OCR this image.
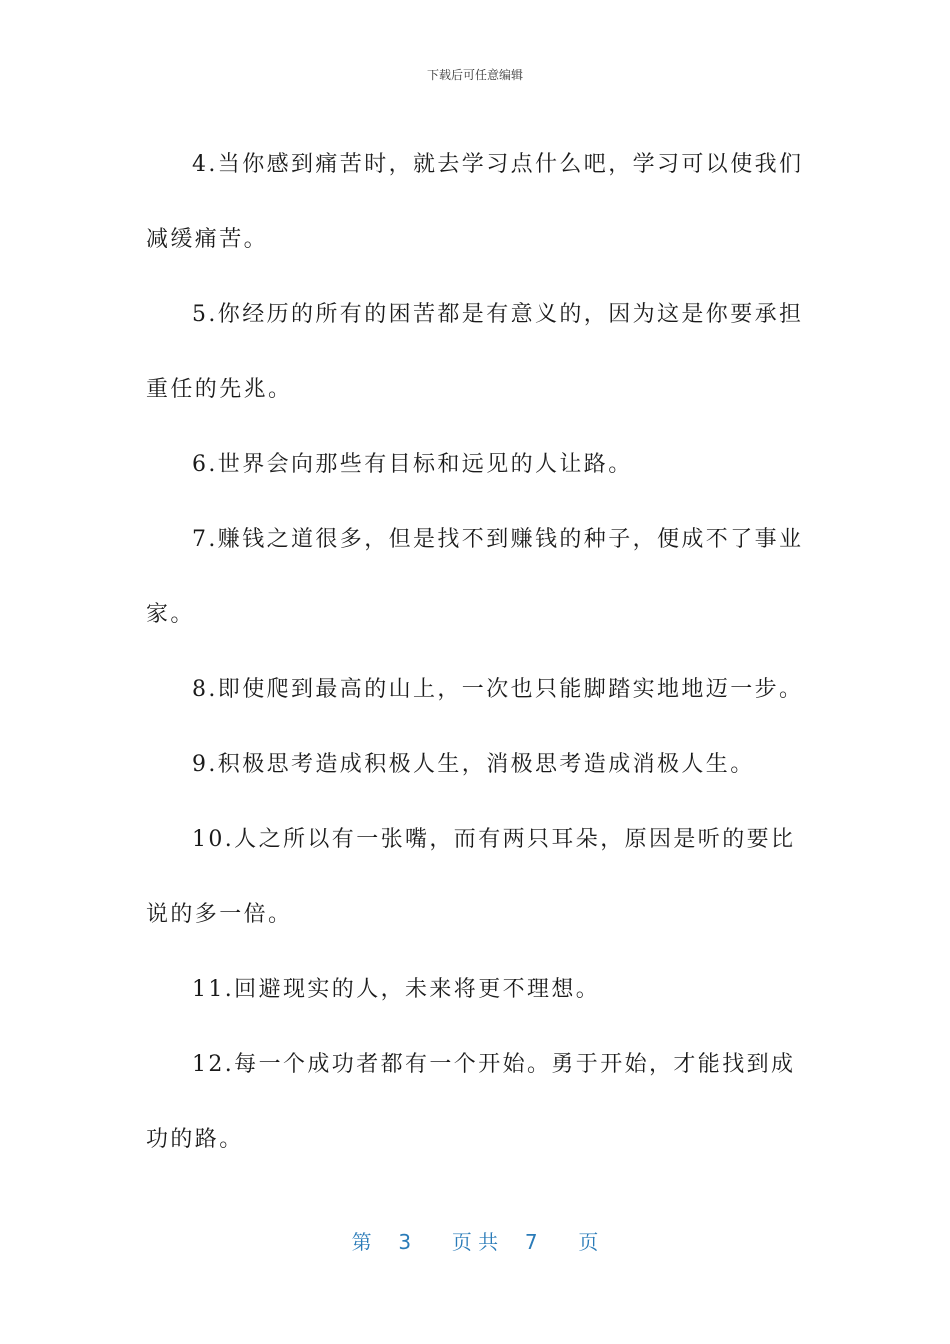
下载后可任意编辑

4.当你感到痛苦时，就去学习点什么吧，学习可以使我们减缓痛苦。

5.你经历的所有的困苦都是有意义的，因为这是你要承担重任的先兆。

6.世界会向那些有目标和远见的人让路。

7.赚钱之道很多，但是找不到赚钱的种子，便成不了事业家。

8.即使爬到最高的山上，一次也只能脚踏实地地迈一步。

9.积极思考造成积极人生，消极思考造成消极人生。

10.人之所以有一张嘴，而有两只耳朵，原因是听的要比说的多一倍。

11.回避现实的人，未来将更不理想。

12.每一个成功者都有一个开始。勇于开始，才能找到成功的路。

第 3 页 共 7 页
